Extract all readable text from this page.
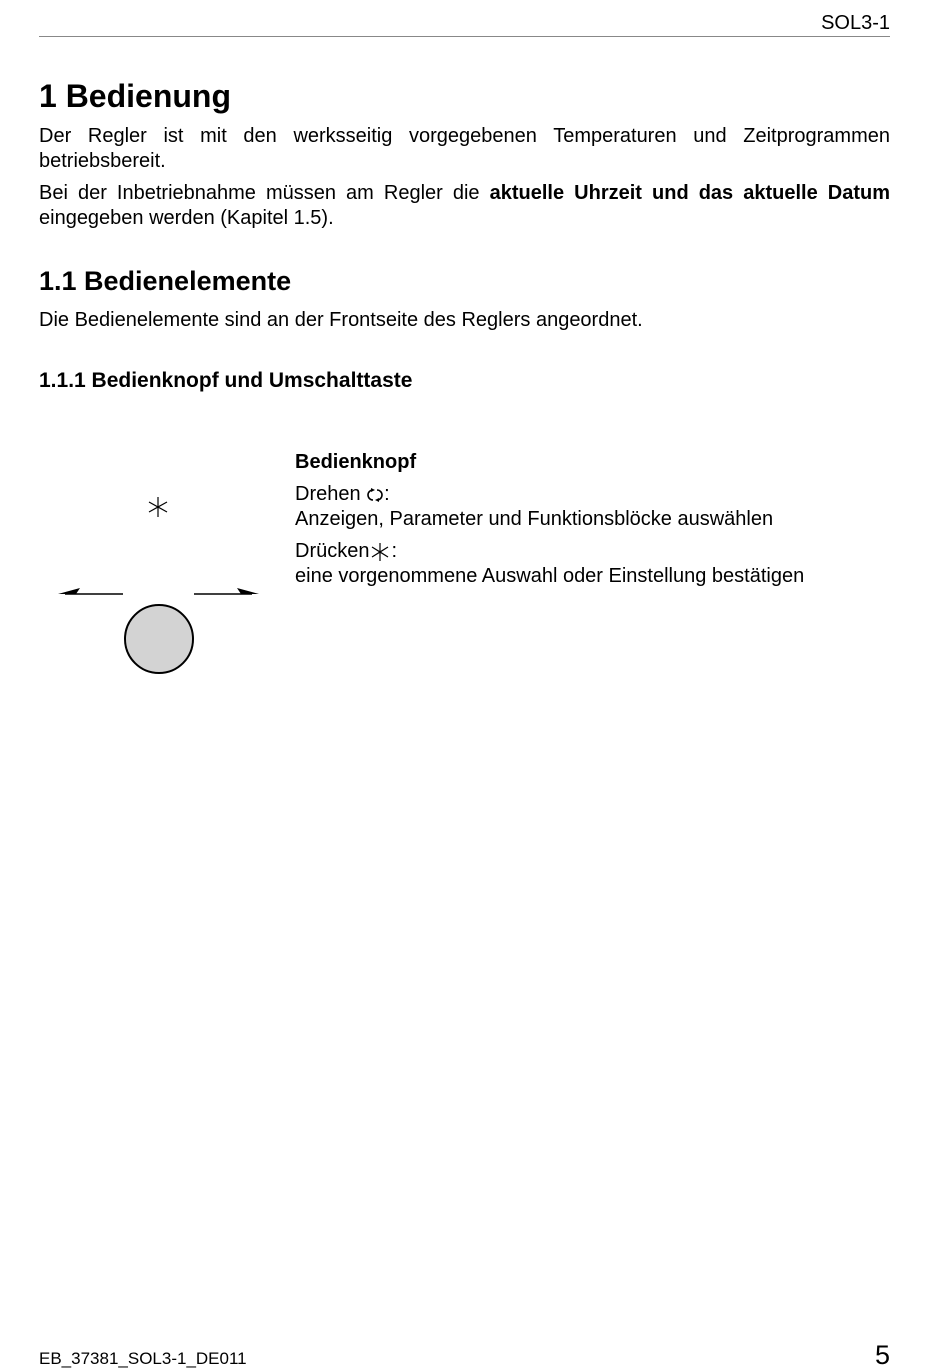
SOL3-1
1 Bedienung

Der Regler ist mit den werksseitig vorgegebenen Temperaturen und Zeitprogrammen betriebsbereit.

Bei der Inbetriebnahme müssen am Regler die aktuelle Uhrzeit und das aktuelle Datum eingegeben werden (Kapitel 1.5).

1.1 Bedienelemente

Die Bedienelemente sind an der Frontseite des Reglers angeordnet.

1.1.1 Bedienknopf und Umschalttaste
Bedienknopf
Drehen :
Anzeigen, Parameter und Funktionsblöcke auswählen
Drücken :
eine vorgenommene Auswahl oder Einstellung bestätigen
EB_37381_SOL3-1_DE011	5
